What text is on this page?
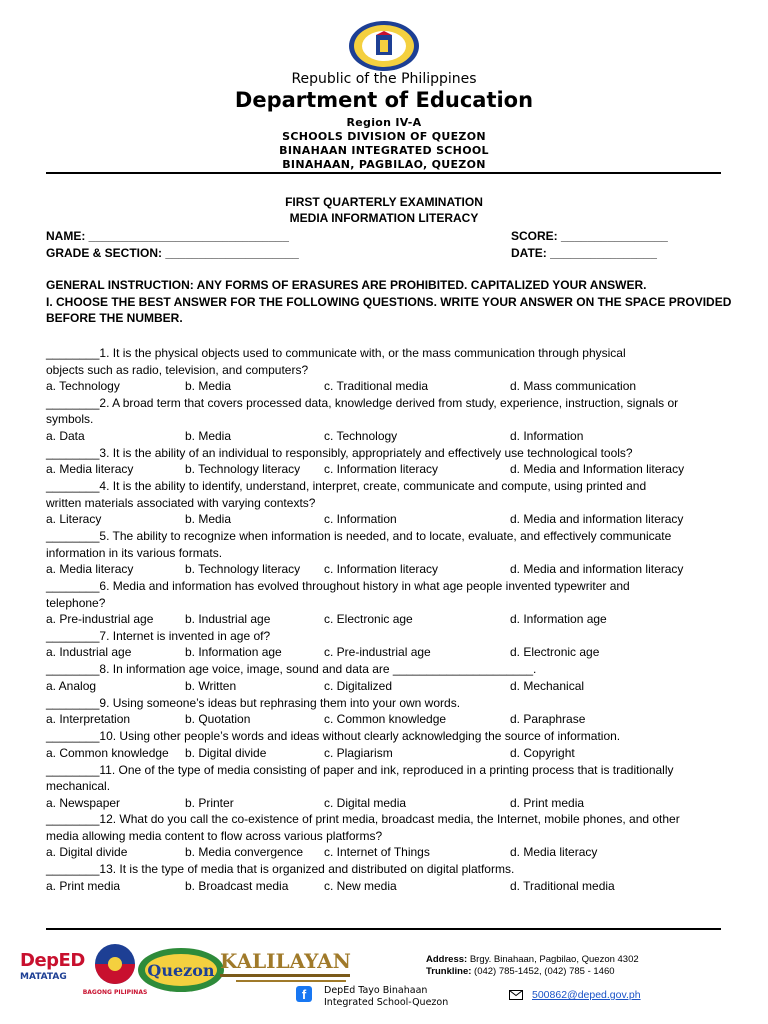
Republic of the Philippines
Department of Education
Region IV-A
SCHOOLS DIVISION OF QUEZON
BINAHAAN INTEGRATED SCHOOL
BINAHAAN, PAGBILAO, QUEZON
FIRST QUARTERLY EXAMINATION
MEDIA INFORMATION LITERACY
NAME: ______________________________	SCORE: ________________
GRADE & SECTION: ____________________	DATE: ________________
GENERAL INSTRUCTION: ANY FORMS OF ERASURES ARE PROHIBITED. CAPITALIZED YOUR ANSWER.
I. CHOOSE THE BEST ANSWER FOR THE FOLLOWING QUESTIONS. WRITE YOUR ANSWER ON THE SPACE PROVIDED BEFORE THE NUMBER.
________1. It is the physical objects used to communicate with, or the mass communication through physical
objects such as radio, television, and computers?
a. Technology	b. Media	c. Traditional media	d. Mass communication
________2. A broad term that covers processed data, knowledge derived from study, experience, instruction, signals or
symbols.
a. Data	b. Media	c. Technology	d. Information
________3. It is the ability of an individual to responsibly, appropriately and effectively use technological tools?
a. Media literacy	b. Technology literacy c. Information literacy	d. Media and Information literacy
________4. It is the ability to identify, understand, interpret, create, communicate and compute, using printed and
written materials associated with varying contexts?
a. Literacy	b. Media	c. Information	d. Media and information literacy
________5. The ability to recognize when information is needed, and to locate, evaluate, and effectively communicate
information in its various formats.
a. Media literacy	b. Technology literacy c. Information literacy	d. Media and information literacy
________6. Media and information has evolved throughout history in what age people invented typewriter and
telephone?
a. Pre-industrial age	b. Industrial age	c. Electronic age	d. Information age
________7. Internet is invented in age of?
a. Industrial age	b. Information age	c. Pre-industrial age	d. Electronic age
________8. In information age voice, image, sound and data are _____________________.
a. Analog	b. Written	c. Digitalized	d. Mechanical
________9. Using someone’s ideas but rephrasing them into your own words.
a. Interpretation	b. Quotation	c. Common knowledge	d. Paraphrase
________10. Using other people’s words and ideas without clearly acknowledging the source of information.
a. Common knowledge b. Digital divide	c. Plagiarism	d. Copyright
________11. One of the type of media consisting of paper and ink, reproduced in a printing process that is traditionally
mechanical.
a. Newspaper	b. Printer	c. Digital media	d. Print media
________12. What do you call the co-existence of print media, broadcast media, the Internet, mobile phones, and other
media allowing media content to flow across various platforms?
a. Digital divide	b. Media convergence c. Internet of Things	d. Media literacy
________13. It is the type of media that is organized and distributed on digital platforms.
a. Print media	b. Broadcast media	c. New media	d. Traditional media
DepED
MATATAG
BAGONG PILIPINAS
Quezon KALILAYAN	Address: Brgy. Binahaan, Pagbilao, Quezon 4302
Trunkline: (042) 785-1452, (042) 785 - 1460
f	DepEd Tayo Binahaan
Integrated School-Quezon
500862@deped.gov.ph
